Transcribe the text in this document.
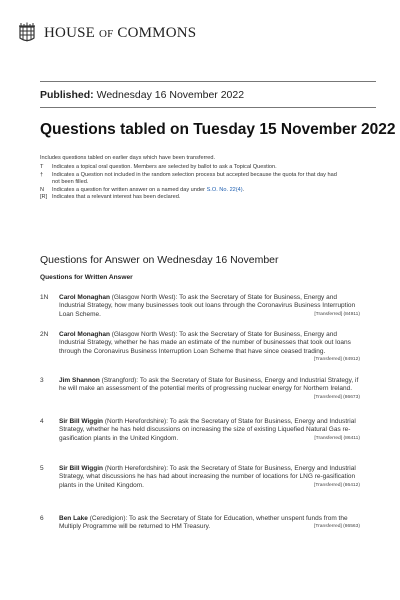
HOUSE OF COMMONS
Published: Wednesday 16 November 2022
Questions tabled on Tuesday 15 November 2022
Includes questions tabled on earlier days which have been transferred.
T	Indicates a topical oral question. Members are selected by ballot to ask a Topical Question.
†	Indicates a Question not included in the random selection process but accepted because the quota for that day had not been filled.
N	Indicates a question for written answer on a named day under S.O. No. 22(4).
[R] Indicates that a relevant interest has been declared.
Questions for Answer on Wednesday 16 November
Questions for Written Answer
1N	Carol Monaghan (Glasgow North West): To ask the Secretary of State for Business, Energy and Industrial Strategy, how many businesses took out loans through the Coronavirus Business Interruption Loan Scheme.	[Transferred] (84911)
2N	Carol Monaghan (Glasgow North West): To ask the Secretary of State for Business, Energy and Industrial Strategy, whether he has made an estimate of the number of businesses that took out loans through the Coronavirus Business Interruption Loan Scheme that have since ceased trading.
[Transferred] (84912)
3	Jim Shannon (Strangford): To ask the Secretary of State for Business, Energy and Industrial Strategy, if he will make an assessment of the potential merits of progressing nuclear energy for Northern Ireland.
[Transferred] (86673)
4	Sir Bill Wiggin (North Herefordshire): To ask the Secretary of State for Business, Energy and Industrial Strategy, whether he has held discussions on increasing the size of existing Liquefied Natural Gas re-gasification plants in the United Kingdom.	[Transferred] (86411)
5	Sir Bill Wiggin (North Herefordshire): To ask the Secretary of State for Business, Energy and Industrial Strategy, what discussions he has had about increasing the number of locations for LNG re-gasification plants in the United Kingdom.	[Transferred] (86412)
6	Ben Lake (Ceredigion): To ask the Secretary of State for Education, whether unspent funds from the Multiply Programme will be returned to HM Treasury.	[Transferred] (86563)
